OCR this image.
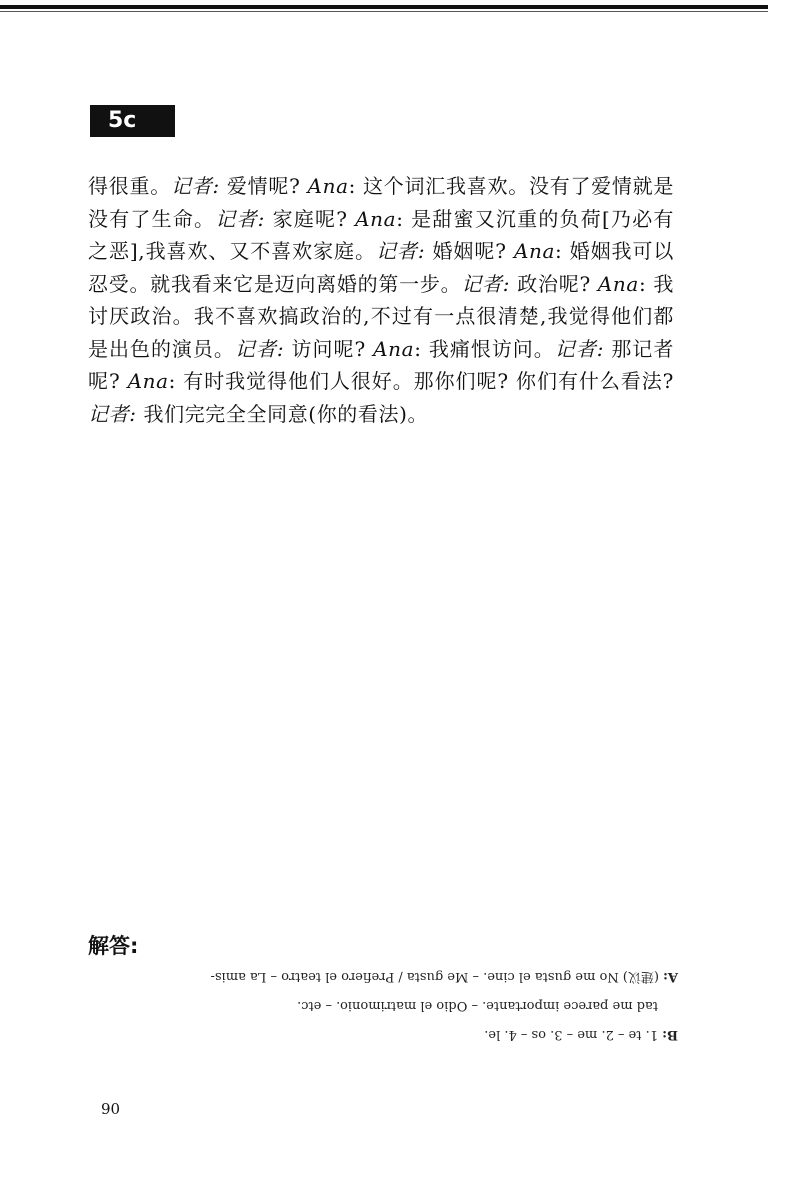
5c
得很重。记者: 爱情呢? Ana: 这个词汇我喜欢。没有了爱情就是没有了生命。记者: 家庭呢? Ana: 是甜蜜又沉重的负荷[乃必有之恶],我喜欢、又不喜欢家庭。记者: 婚姻呢? Ana: 婚姻我可以忍受。就我看来它是迈向离婚的第一步。记者: 政治呢? Ana: 我讨厌政治。我不喜欢搞政治的,不过有一点很清楚,我觉得他们都是出色的演员。记者: 访问呢? Ana: 我痛恨访问。记者: 那记者呢? Ana: 有时我觉得他们人很好。那你们呢? 你们有什么看法? 记者: 我们完完全全同意(你的看法)。
解答:
B: 1. te – 2. me – 3. os – 4. le.
tad me parece importante. – Odio el matrimonio. – etc.
A: (建议) No me gusta el cine. – Me gusta / Prefiero el teatro – La amis-
90
